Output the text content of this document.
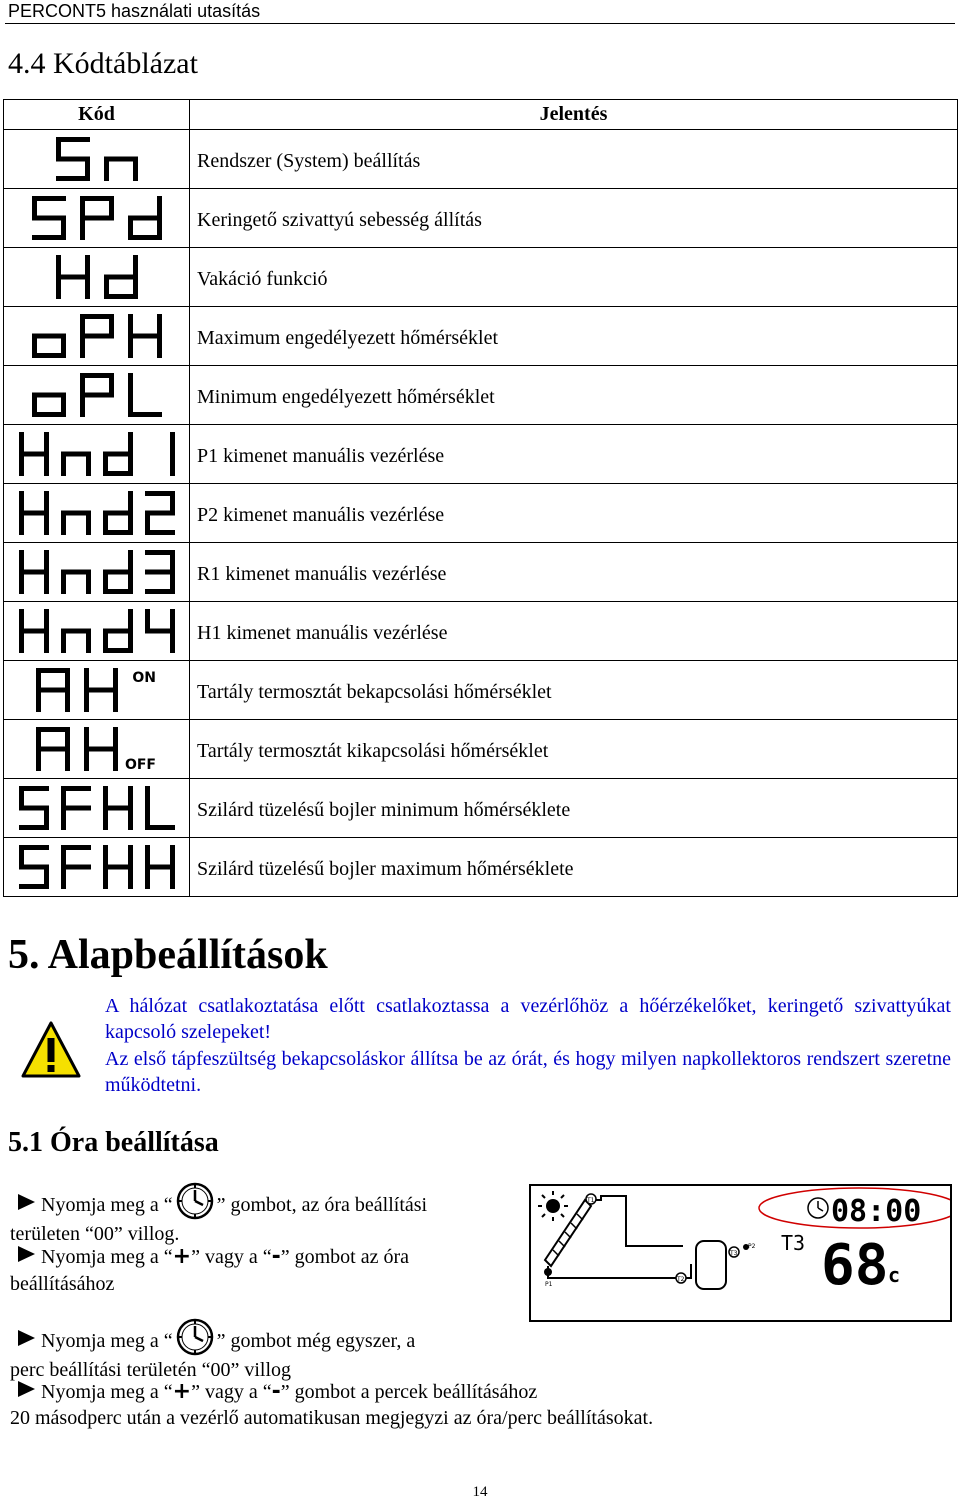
PERCONT5 használati utasítás
4.4 Kódtáblázat
Kód	Jelentés

	Rendszer (System) beállítás

	Keringető szivattyú sebesség állítás

	Vakáció funkció

	Maximum engedélyezett hőmérséklet

	Minimum engedélyezett hőmérséklet

	P1 kimenet manuális vezérlése

	P2 kimenet manuális vezérlése

	R1 kimenet manuális vezérlése

	H1 kimenet manuális vezérlése

ON	Tartály termosztát bekapcsolási hőmérséklet

OFF	Tartály termosztát kikapcsolási hőmérséklet

	Szilárd tüzelésű bojler minimum hőmérséklete

	Szilárd tüzelésű bojler maximum hőmérséklete
5. Alapbeállítások
A hálózat csatlakoztatása előtt csatlakoztassa a vezérlőhöz a hőérzékelőket, keringető szivattyúkat kapcsoló szelepeket!
Az első tápfeszültség bekapcsoláskor állítsa be az órát, és hogy milyen napkollektoros rendszert szeretne működtetni.
5.1 Óra beállítása
Nyomja meg a “ ” gombot, az óra beállítási
területen “00” villog.
Nyomja meg a “+” vagy a “-” gombot az óra
beállításához
Nyomja meg a “ ” gombot még egyszer, a
perc beállítási területén “00” villog
Nyomja meg a “+” vagy a “-” gombot a percek beállításához
20 másodperc után a vezérlő automatikusan megjegyzi az óra/perc beállításokat.
T1
P1
T2
T3
P2
08:00
T3 68 c
14
